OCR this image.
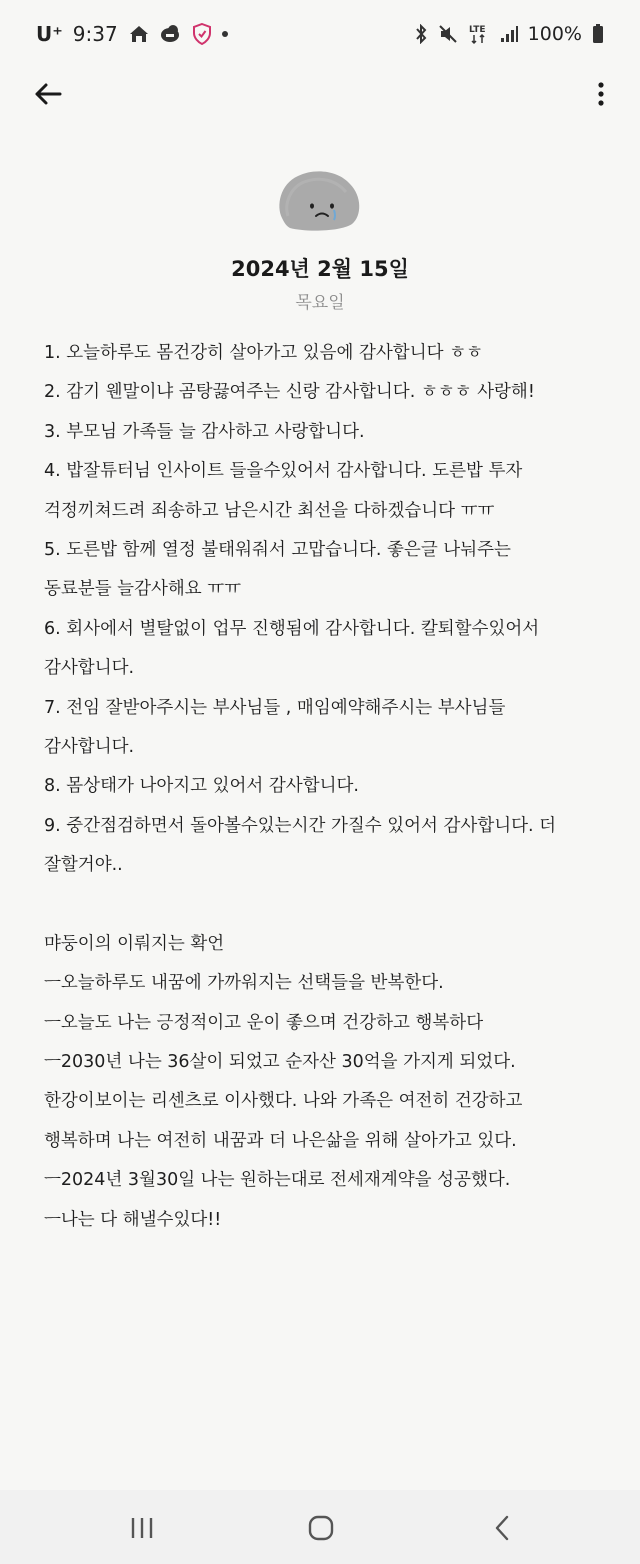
U⁺ 9:37	LTE 100%
2024년 2월 15일
목요일
1. 오늘하루도 몸건강히 살아가고 있음에 감사합니다 ㅎㅎ
2. 감기 웬말이냐 곰탕끓여주는 신랑 감사합니다. ㅎㅎㅎ 사랑해!
3. 부모님 가족들 늘 감사하고 사랑합니다.
4. 밥잘튜터님 인사이트 들을수있어서 감사합니다. 도른밥 투자
걱정끼쳐드려 죄송하고 남은시간 최선을 다하겠습니다 ㅠㅠ
5. 도른밥 함께 열정 불태워줘서 고맙습니다. 좋은글 나눠주는
동료분들 늘감사해요 ㅠㅠ
6. 회사에서 별탈없이 업무 진행됨에 감사합니다. 칼퇴할수있어서
감사합니다.
7. 전임 잘받아주시는 부사님들 , 매임예약해주시는 부사님들
감사합니다.
8. 몸상태가 나아지고 있어서 감사합니다.
9. 중간점검하면서 돌아볼수있는시간 가질수 있어서 감사합니다. 더
잘할거야..
먀둥이의 이뤄지는 확언
ㅡ오늘하루도 내꿈에 가까워지는 선택들을 반복한다.
ㅡ오늘도 나는 긍정적이고 운이 좋으며 건강하고 행복하다
ㅡ2030년 나는 36살이 되었고 순자산 30억을 가지게 되었다.
한강이보이는 리센츠로 이사했다. 나와 가족은 여전히 건강하고
행복하며 나는 여전히 내꿈과 더 나은삶을 위해 살아가고 있다.
ㅡ2024년 3월30일 나는 원하는대로 전세재계약을 성공했다.
ㅡ나는 다 해낼수있다!!
